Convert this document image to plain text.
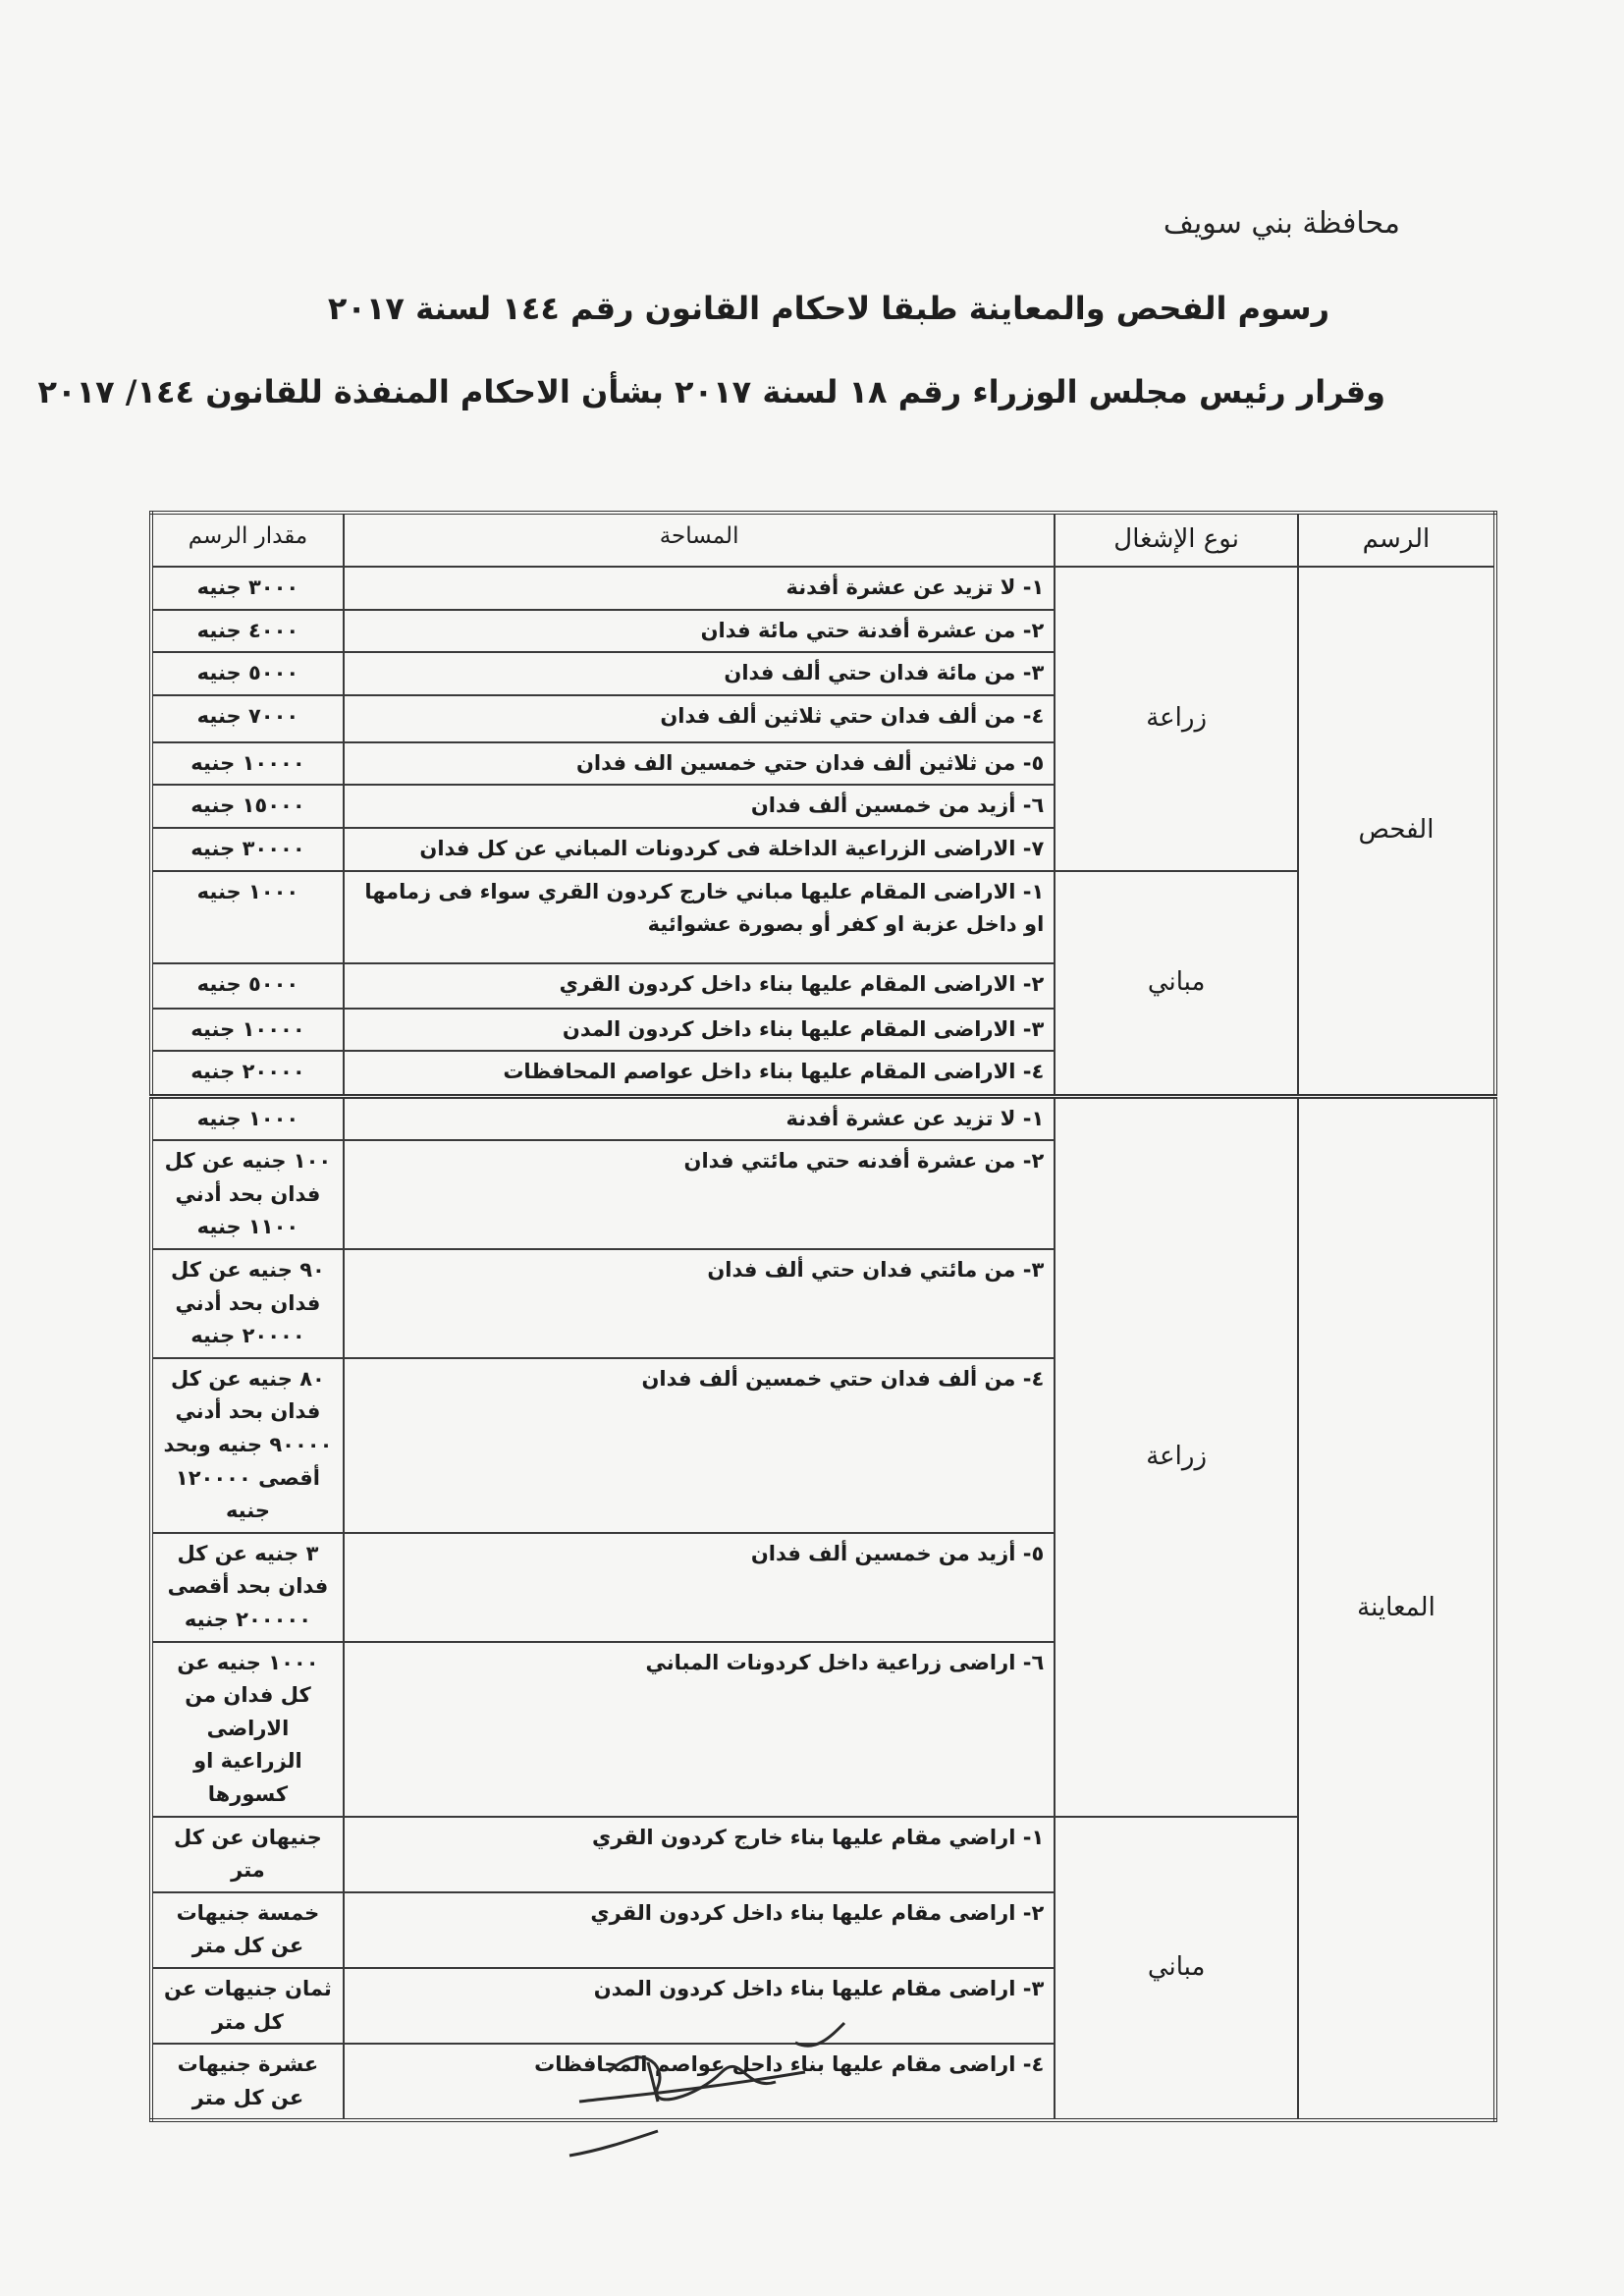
محافظة بني سويف
رسوم الفحص والمعاينة طبقا لاحكام القانون رقم ١٤٤ لسنة ٢٠١٧
وقرار رئيس مجلس الوزراء رقم ١٨ لسنة ٢٠١٧ بشأن الاحكام المنفذة للقانون ١٤٤/ ٢٠١٧
الرسم	نوع الإشغال	المساحة	مقدار الرسم
الفحص	زراعة	١- لا تزيد عن عشرة أفدنة	٣٠٠٠ جنيه
		٢- من عشرة أفدنة حتي مائة فدان	٤٠٠٠ جنيه
		٣- من مائة فدان حتي ألف فدان	٥٠٠٠ جنيه
		٤- من ألف فدان حتي ثلاثين ألف فدان	٧٠٠٠ جنيه
		٥- من ثلاثين ألف فدان حتي خمسين الف فدان	١٠٠٠٠ جنيه
		٦- أزيد من خمسين ألف فدان	١٥٠٠٠ جنيه
		٧- الاراضى الزراعية الداخلة فى كردونات المباني عن كل فدان	٣٠٠٠٠ جنيه
	مباني	١- الاراضى المقام عليها مباني خارج كردون القري سواء فى زمامها او داخل عزبة او كفر أو بصورة عشوائية	١٠٠٠ جنيه
		٢- الاراضى المقام عليها بناء داخل كردون القري	٥٠٠٠ جنيه
		٣- الاراضى المقام عليها بناء داخل كردون المدن	١٠٠٠٠ جنيه
		٤- الاراضى المقام عليها بناء داخل عواصم المحافظات	٢٠٠٠٠ جنيه
المعاينة	زراعة	١- لا تزيد عن عشرة أفدنة	١٠٠٠ جنيه
		٢- من عشرة أفدنه حتي مائتي فدان	١٠٠ جنيه عن كل فدان بحد أدني ١١٠٠ جنيه
		٣- من مائتي فدان حتي ألف فدان	٩٠ جنيه عن كل فدان بحد أدني ٢٠٠٠٠ جنيه
		٤- من ألف فدان حتي خمسين ألف فدان	٨٠ جنيه عن كل فدان بحد أدني ٩٠٠٠٠ جنيه وبحد أقصى ١٢٠٠٠٠ جنيه
		٥- أزيد من خمسين ألف فدان	٣ جنيه عن كل فدان بحد أقصى ٢٠٠٠٠٠ جنيه
		٦- اراضى زراعية داخل كردونات المباني	١٠٠٠ جنيه عن كل فدان من الاراضى الزراعية او كسورها
	مباني	١- اراضي مقام عليها بناء خارج كردون القري	جنيهان عن كل متر
		٢- اراضى مقام عليها بناء داخل كردون القري	خمسة جنيهات عن كل متر
		٣- اراضى مقام عليها بناء داخل كردون المدن	ثمان جنيهات عن كل متر
		٤- اراضى مقام عليها بناء داحل عواصم المحافظات	عشرة جنيهات عن كل متر
